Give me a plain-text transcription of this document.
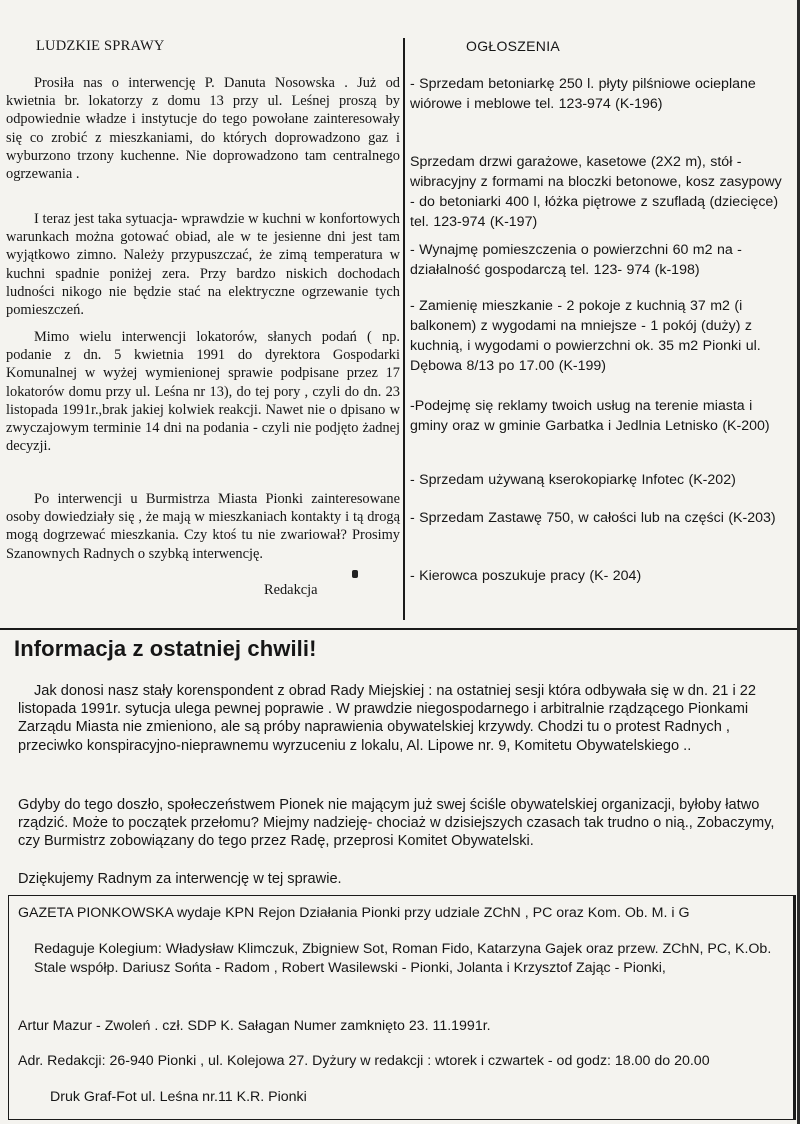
LUDZKIE SPRAWY

Prosiła nas o interwencję P. Danuta Nosowska . Już od kwietnia br. lokatorzy z domu 13 przy ul. Leśnej proszą by odpowiednie władze i instytucje do tego powołane zainteresowały się co zrobić z mieszkaniami, do których doprowadzono gaz i wyburzono trzony kuchenne. Nie doprowadzono tam centralnego ogrzewania .

I teraz jest taka sytuacja- wprawdzie w kuchni w konfortowych warunkach można gotować obiad, ale w te jesienne dni jest tam wyjątkowo zimno. Należy przypuszczać, że zimą temperatura w kuchni spadnie poniżej zera. Przy bardzo niskich dochodach ludności nikogo nie będzie stać na elektryczne ogrzewanie tych pomieszczeń.

Mimo wielu interwencji lokatorów, słanych podań ( np. podanie z dn. 5 kwietnia 1991 do dyrektora Gospodarki Komunalnej w wyżej wymienionej sprawie podpisane przez 17 lokatorów domu przy ul. Leśna nr 13), do tej pory , czyli do dn. 23 listopada 1991r.,brak jakiej kolwiek reakcji. Nawet nie o dpisano w zwyczajowym terminie 14 dni na podania - czyli nie podjęto żadnej decyzji.

Po interwencji u Burmistrza Miasta Pionki zainteresowane osoby dowiedziały się , że mają w mieszkaniach kontakty i tą drogą mogą dogrzewać mieszkania. Czy ktoś tu nie zwariował? Prosimy Szanownych Radnych o szybką interwencję.

Redakcja
OGŁOSZENIA

- Sprzedam betoniarkę 250 l. płyty pilśniowe ocieplane wiórowe i meblowe tel. 123-974 (K-196)

Sprzedam drzwi garażowe, kasetowe (2X2 m), stół - wibracyjny z formami na bloczki betonowe, kosz zasypowy - do betoniarki 400 l, łóżka piętrowe z szufladą (dziecięce) tel. 123-974 (K-197)

- Wynajmę pomieszczenia o powierzchni 60 m2 na - działalność gospodarczą tel. 123- 974 (k-198)

- Zamienię mieszkanie - 2 pokoje z kuchnią 37 m2 (i balkonem) z wygodami na mniejsze - 1 pokój (duży) z kuchnią, i wygodami o powierzchni ok. 35 m2 Pionki ul. Dębowa 8/13 po 17.00 (K-199)

-Podejmę się reklamy twoich usług na terenie miasta i gminy oraz w gminie Garbatka i Jedlnia Letnisko (K-200)

- Sprzedam używaną kserokopiarkę Infotec (K-202)

- Sprzedam Zastawę 750, w całości lub na części (K-203)

- Kierowca poszukuje pracy (K- 204)

Informacja z ostatniej chwili!

Jak donosi nasz stały korenspondent z obrad Rady Miejskiej : na ostatniej sesji która odbywała się w dn. 21 i 22 listopada 1991r. sytucja ulega pewnej poprawie . W prawdzie niegospodarnego i arbitralnie rządzącego Pionkami Zarządu Miasta nie zmieniono, ale są próby naprawienia obywatelskiej krzywdy. Chodzi tu o protest Radnych , przeciwko konspiracyjno-nieprawnemu wyrzuceniu z lokalu, Al. Lipowe nr. 9, Komitetu Obywatelskiego ..

Gdyby do tego doszło, społeczeństwem Pionek nie mającym już swej ściśle obywatelskiej organizacji, byłoby łatwo rządzić. Może to początek przełomu? Miejmy nadzieję- chociaż w dzisiejszych czasach tak trudno o nią., Zobaczymy, czy Burmistrz zobowiązany do tego przez Radę, przeprosi Komitet Obywatelski.

Dziękujemy Radnym za interwencję w tej sprawie.

GAZETA PIONKOWSKA wydaje KPN Rejon Działania Pionki przy udziale ZChN , PC oraz Kom. Ob. M. i G

Redaguje Kolegium: Władysław Klimczuk, Zbigniew Sot, Roman Fido, Katarzyna Gajek oraz przew. ZChN, PC, K.Ob. Stale współp. Dariusz Sońta - Radom , Robert Wasilewski - Pionki, Jolanta i Krzysztof Zając - Pionki,

Artur Mazur - Zwoleń . czł. SDP K. Sałagan Numer zamknięto 23. 11.1991r.

Adr. Redakcji: 26-940 Pionki , ul. Kolejowa 27. Dyżury w redakcji : wtorek i czwartek - od godz: 18.00 do 20.00

Druk Graf-Fot ul. Leśna nr.11 K.R. Pionki
